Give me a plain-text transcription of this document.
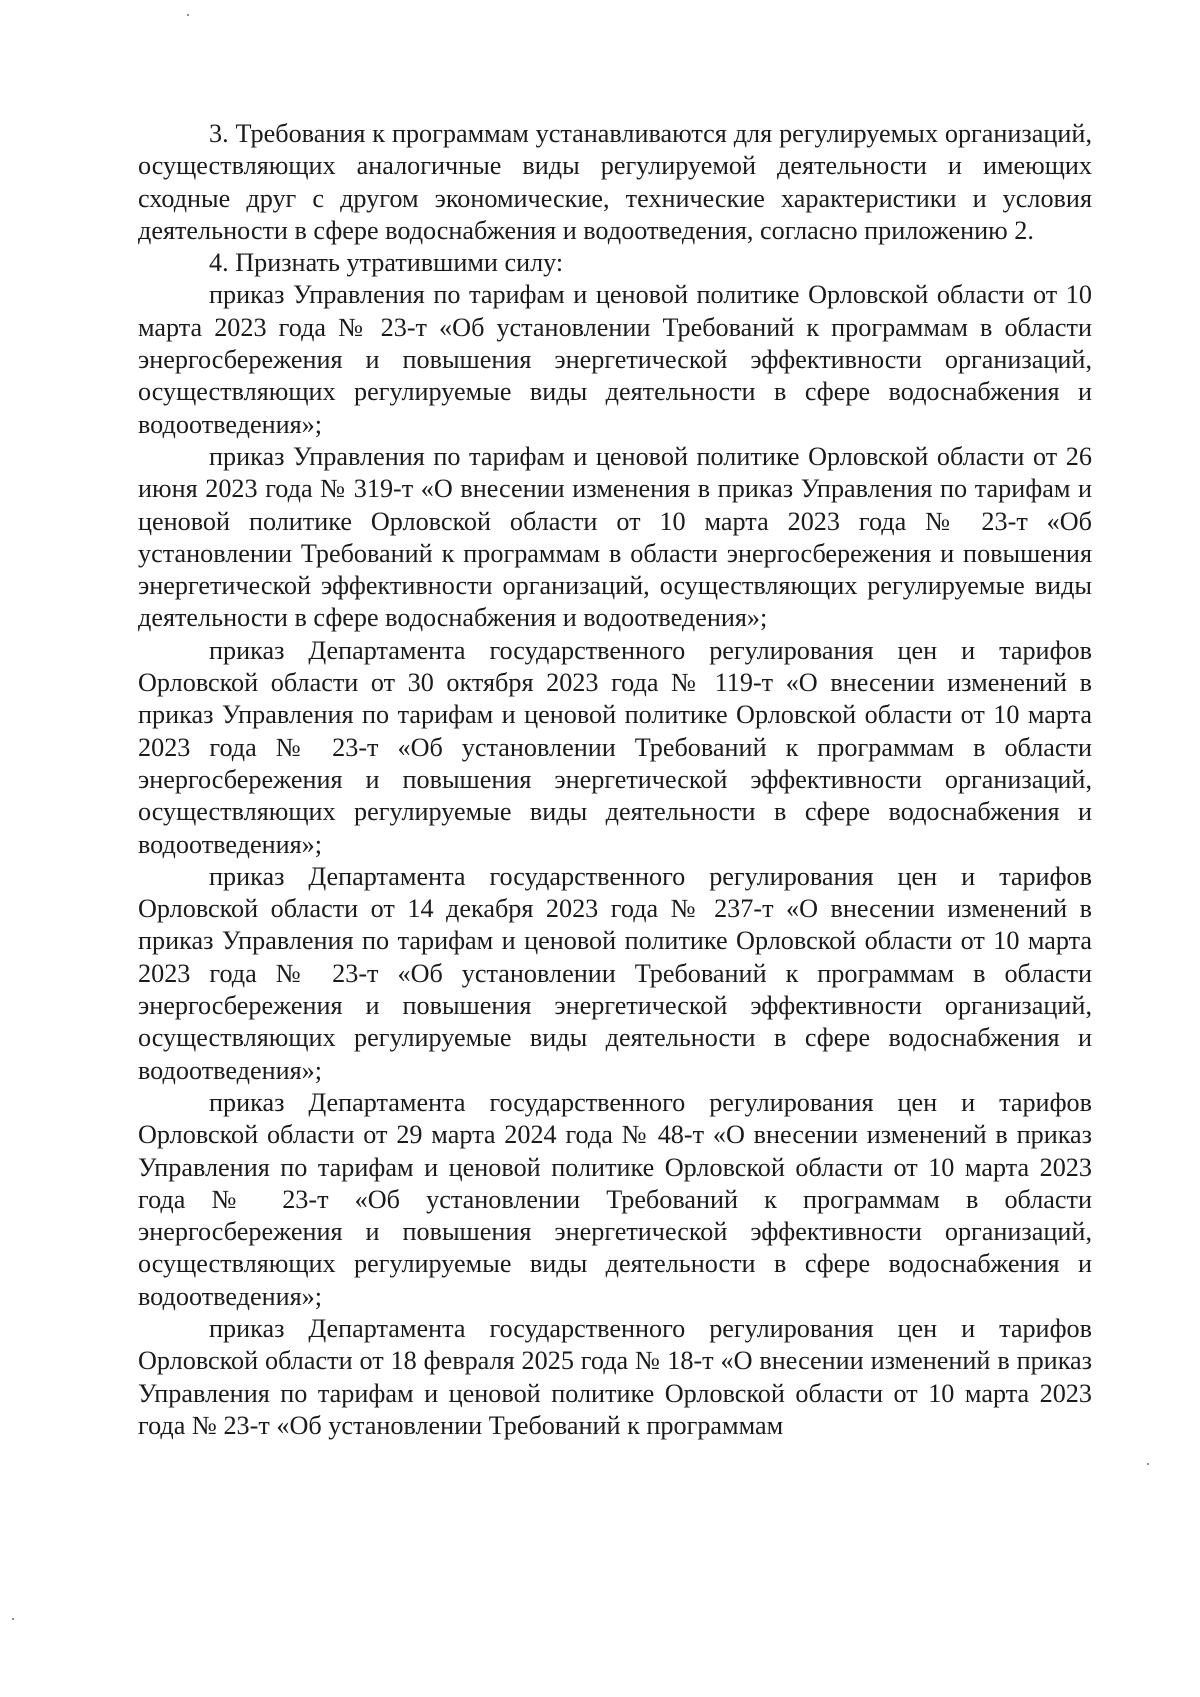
3. Требования к программам устанавливаются для регулируемых организаций, осуществляющих аналогичные виды регулируемой деятельности и имеющих сходные друг с другом экономические, технические характеристики и условия деятельности в сфере водоснабжения и водоотведения, согласно приложению 2.

4. Признать утратившими силу:

приказ Управления по тарифам и ценовой политике Орловской области от 10 марта 2023 года № 23-т «Об установлении Требований к программам в области энергосбережения и повышения энергетической эффективности организаций, осуществляющих регулируемые виды деятельности в сфере водоснабжения и водоотведения»;

приказ Управления по тарифам и ценовой политике Орловской области от 26 июня 2023 года № 319-т «О внесении изменения в приказ Управления по тарифам и ценовой политике Орловской области от 10 марта 2023 года № 23-т «Об установлении Требований к программам в области энергосбережения и повышения энергетической эффективности организаций, осуществляющих регулируемые виды деятельности в сфере водоснабжения и водоотведения»;

приказ Департамента государственного регулирования цен и тарифов Орловской области от 30 октября 2023 года № 119-т «О внесении изменений в приказ Управления по тарифам и ценовой политике Орловской области от 10 марта 2023 года № 23-т «Об установлении Требований к программам в области энергосбережения и повышения энергетической эффективности организаций, осуществляющих регулируемые виды деятельности в сфере водоснабжения и водоотведения»;

приказ Департамента государственного регулирования цен и тарифов Орловской области от 14 декабря 2023 года № 237-т «О внесении изменений в приказ Управления по тарифам и ценовой политике Орловской области от 10 марта 2023 года № 23-т «Об установлении Требований к программам в области энергосбережения и повышения энергетической эффективности организаций, осуществляющих регулируемые виды деятельности в сфере водоснабжения и водоотведения»;

приказ Департамента государственного регулирования цен и тарифов Орловской области от 29 марта 2024 года № 48-т «О внесении изменений в приказ Управления по тарифам и ценовой политике Орловской области от 10 марта 2023 года № 23-т «Об установлении Требований к программам в области энергосбережения и повышения энергетической эффективности организаций, осуществляющих регулируемые виды деятельности в сфере водоснабжения и водоотведения»;

приказ Департамента государственного регулирования цен и тарифов Орловской области от 18 февраля 2025 года № 18-т «О внесении изменений в приказ Управления по тарифам и ценовой политике Орловской области от 10 марта 2023 года № 23-т «Об установлении Требований к программам
